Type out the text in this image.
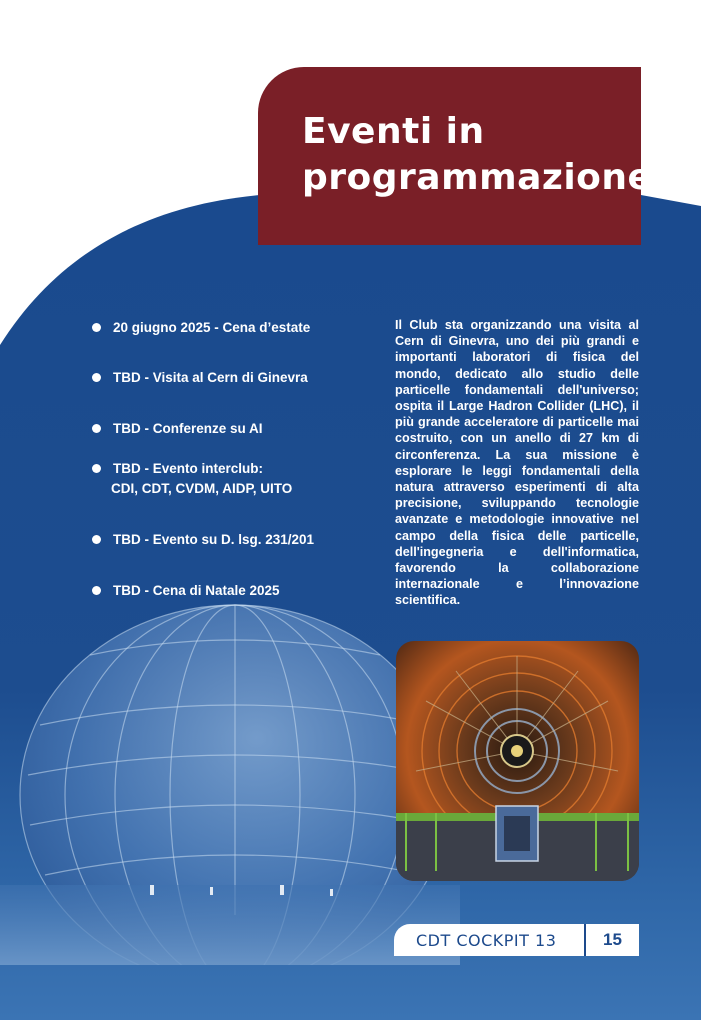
Eventi in
programmazione
20 giugno 2025 - Cena d’estate
TBD - Visita al Cern di Ginevra
TBD - Conferenze su AI
TBD - Evento interclub:
CDI, CDT, CVDM, AIDP, UITO
TBD - Evento su D. lsg. 231/201
TBD - Cena di Natale 2025

Il Club sta organizzando una visita al Cern di Ginevra, uno dei più grandi e importanti laboratori di fisica del mondo, dedicato allo studio delle particelle fondamentali dell'universo; ospita il Large Hadron Collider (LHC), il più grande acceleratore di particelle mai costruito, con un anello di 27 km di circonferenza. La sua missione è esplorare le leggi fondamentali della natura attraverso esperimenti di alta precisione, sviluppando tecnologie avanzate e metodologie innovative nel campo della fisica delle particelle, dell'ingegneria e dell'informatica, favorendo la collaborazione internazionale e l’innovazione scientifica.

CDT COCKPIT 13	15
